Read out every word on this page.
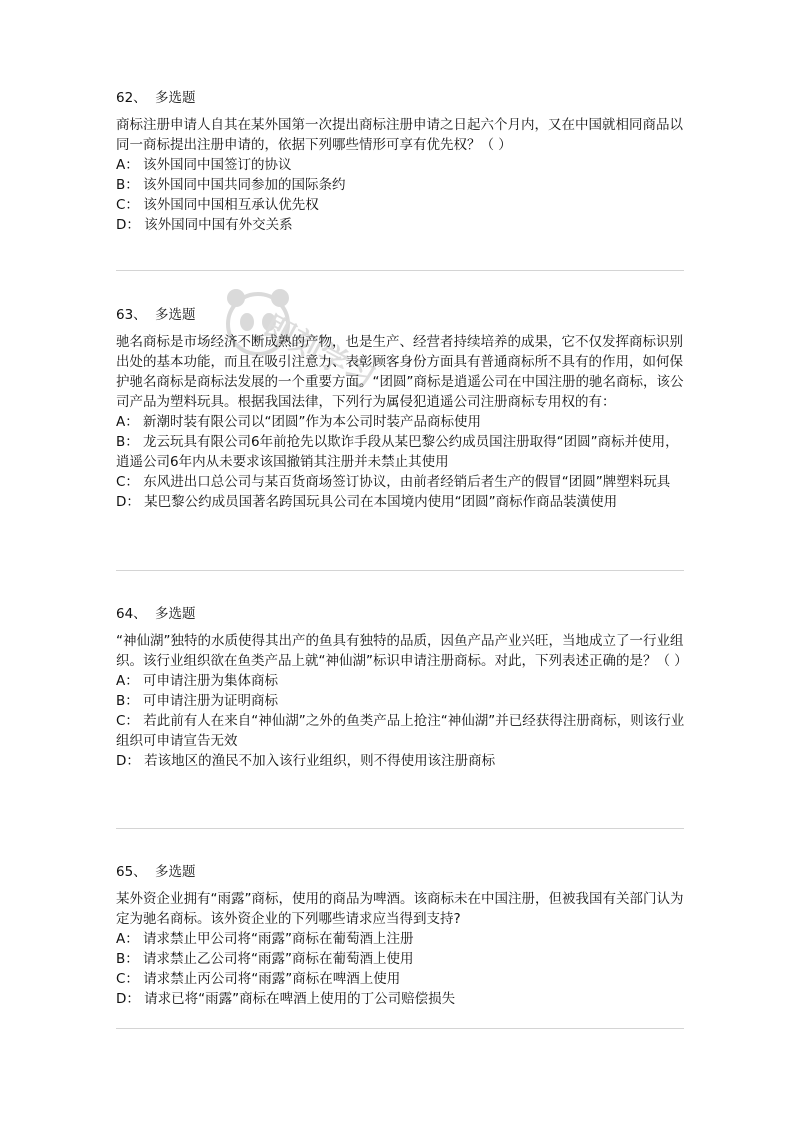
即刻学习
62、 多选题
商标注册申请人自其在某外国第一次提出商标注册申请之日起六个月内，又在中国就相同商品以同一商标提出注册申请的，依据下列哪些情形可享有优先权？（ ）
A： 该外国同中国签订的协议
B： 该外国同中国共同参加的国际条约
C： 该外国同中国相互承认优先权
D： 该外国同中国有外交关系
63、 多选题
驰名商标是市场经济不断成熟的产物，也是生产、经营者持续培养的成果，它不仅发挥商标识别出处的基本功能，而且在吸引注意力、表彰顾客身份方面具有普通商标所不具有的作用，如何保护驰名商标是商标法发展的一个重要方面。“团圆”商标是逍遥公司在中国注册的驰名商标，该公司产品为塑料玩具。根据我国法律，下列行为属侵犯逍遥公司注册商标专用权的有：
A： 新潮时装有限公司以“团圆”作为本公司时装产品商标使用
B： 龙云玩具有限公司6年前抢先以欺诈手段从某巴黎公约成员国注册取得“团圆”商标并使用，逍遥公司6年内从未要求该国撤销其注册并未禁止其使用
C： 东风进出口总公司与某百货商场签订协议，由前者经销后者生产的假冒“团圆”牌塑料玩具
D： 某巴黎公约成员国著名跨国玩具公司在本国境内使用“团圆”商标作商品装潢使用
64、 多选题
“神仙湖”独特的水质使得其出产的鱼具有独特的品质，因鱼产品产业兴旺，当地成立了一行业组织。该行业组织欲在鱼类产品上就“神仙湖”标识申请注册商标。对此，下列表述正确的是？（ ）
A： 可申请注册为集体商标
B： 可申请注册为证明商标
C： 若此前有人在来自“神仙湖”之外的鱼类产品上抢注“神仙湖”并已经获得注册商标，则该行业组织可申请宣告无效
D： 若该地区的渔民不加入该行业组织，则不得使用该注册商标
65、 多选题
某外资企业拥有“雨露”商标，使用的商品为啤酒。该商标未在中国注册，但被我国有关部门认为定为驰名商标。该外资企业的下列哪些请求应当得到支持?
A： 请求禁止甲公司将“雨露”商标在葡萄酒上注册
B： 请求禁止乙公司将“雨露”商标在葡萄酒上使用
C： 请求禁止丙公司将“雨露”商标在啤酒上使用
D： 请求已将“雨露”商标在啤酒上使用的丁公司赔偿损失
